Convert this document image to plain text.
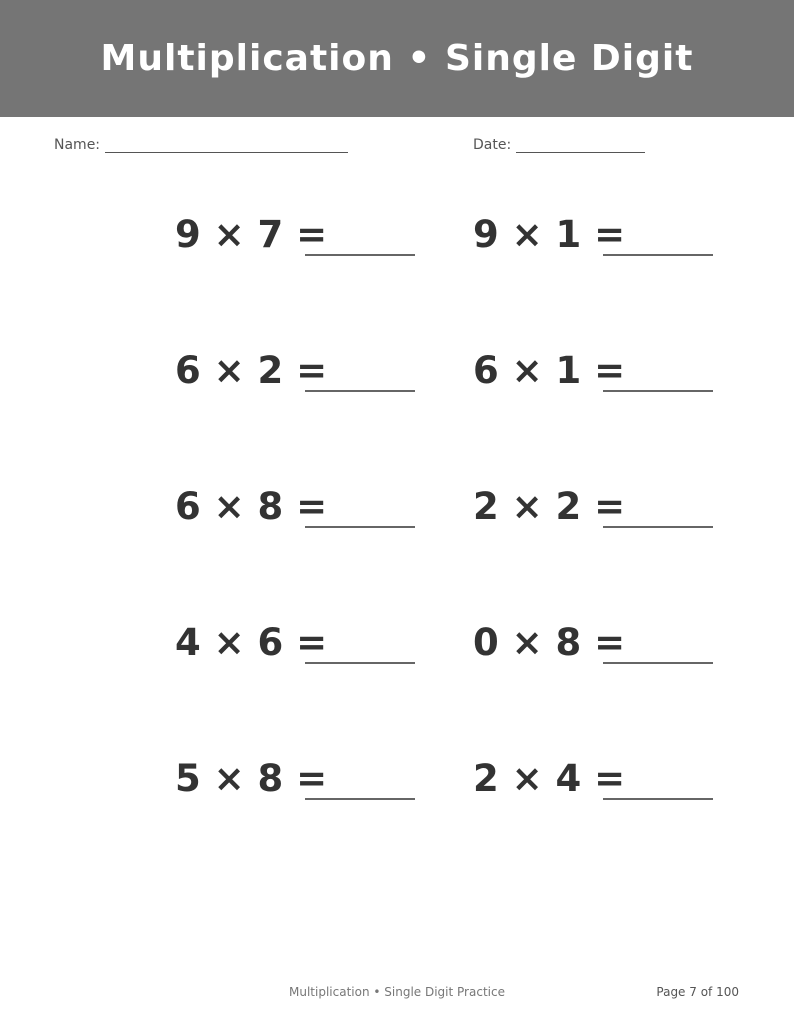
Multiplication • Single Digit
Name:	Date:
9 × 7 =	9 × 1 =
6 × 2 =	6 × 1 =
6 × 8 =	2 × 2 =
4 × 6 =	0 × 8 =
5 × 8 =	2 × 4 =
Multiplication • Single Digit Practice	Page 7 of 100
